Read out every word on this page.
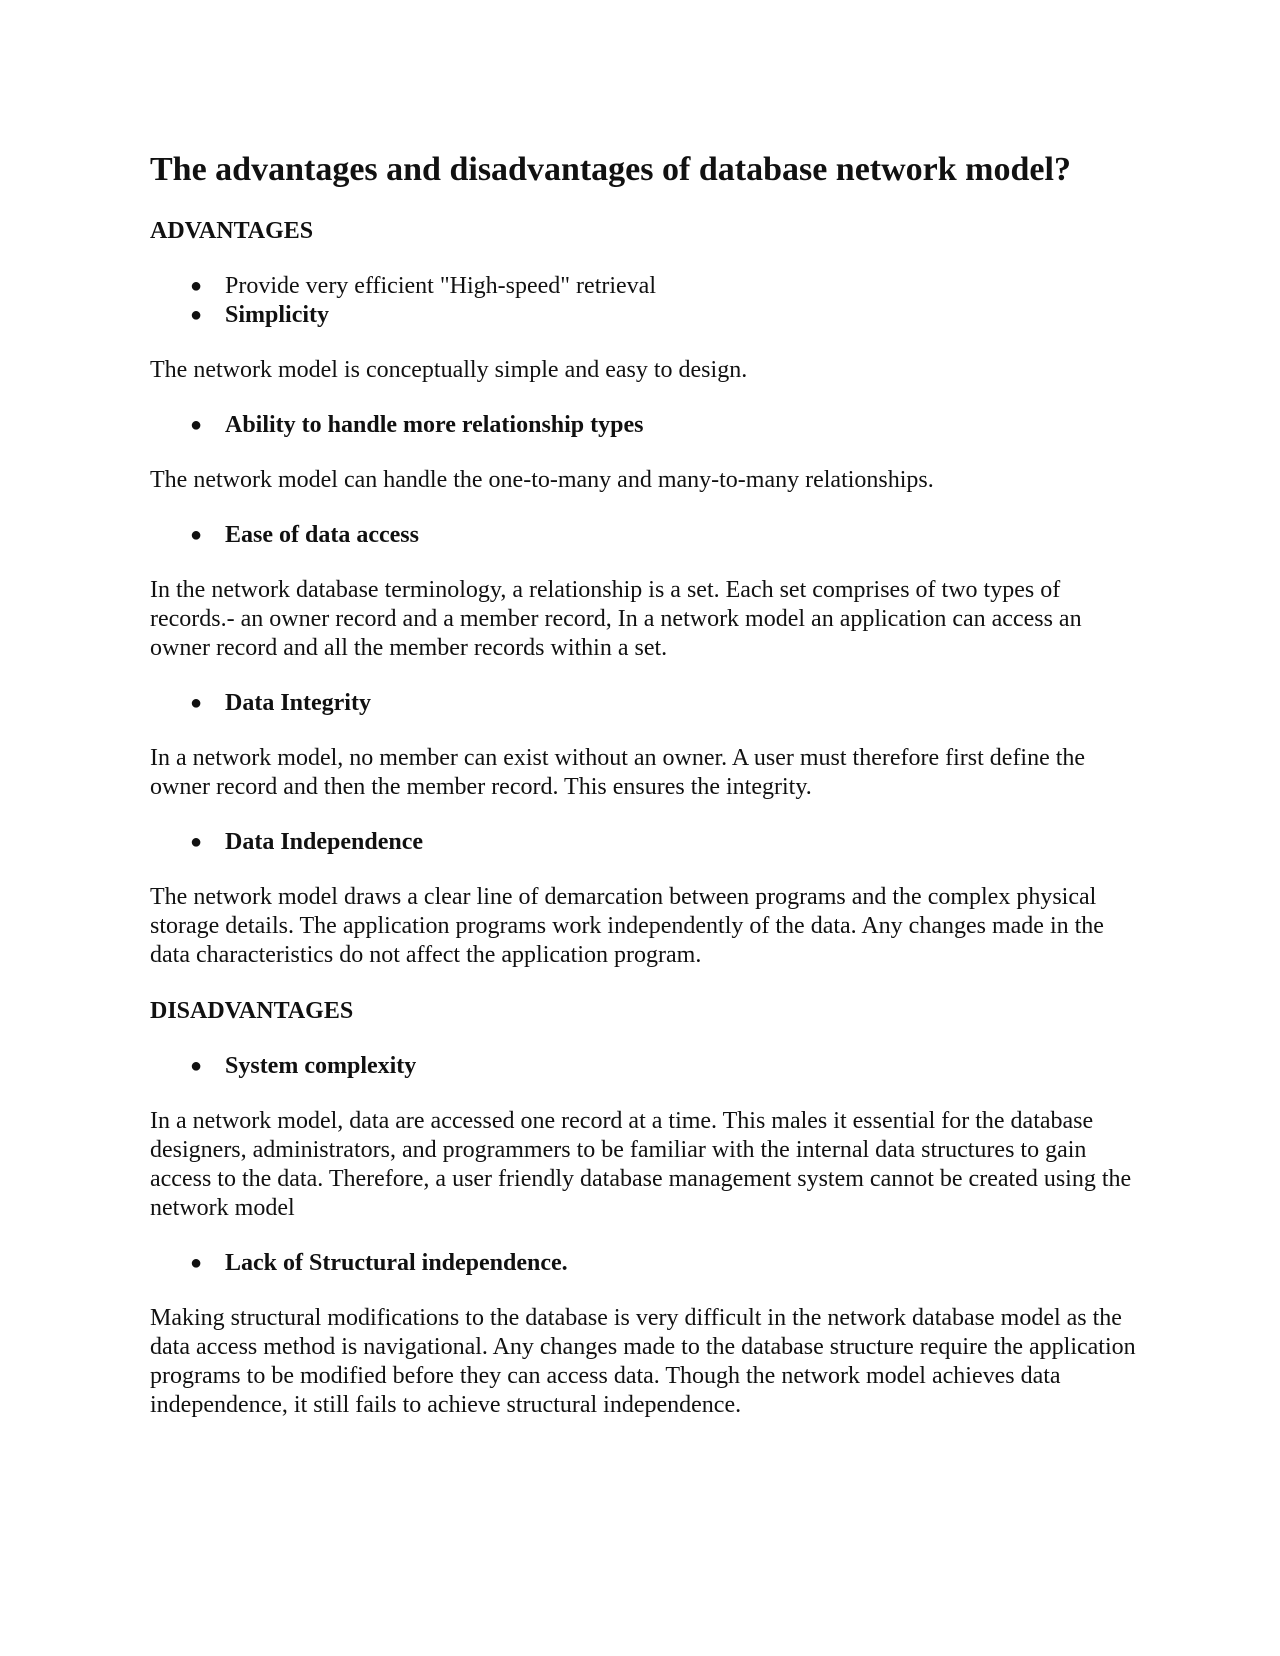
The advantages and disadvantages of database network model?
ADVANTAGES
● Provide very efficient "High-speed" retrieval
● Simplicity

The network model is conceptually simple and easy to design.

● Ability to handle more relationship types

The network model can handle the one-to-many and many-to-many relationships.

● Ease of data access

In the network database terminology, a relationship is a set. Each set comprises of two types of records.- an owner record and a member record, In a network model an application can access an owner record and all the member records within a set.

● Data Integrity

In a network model, no member can exist without an owner. A user must therefore first define the owner record and then the member record. This ensures the integrity.

● Data Independence

The network model draws a clear line of demarcation between programs and the complex physical storage details. The application programs work independently of the data. Any changes made in the data characteristics do not affect the application program.

DISADVANTAGES
● System complexity

In a network model, data are accessed one record at a time. This males it essential for the database designers, administrators, and programmers to be familiar with the internal data structures to gain access to the data. Therefore, a user friendly database management system cannot be created using the network model

● Lack of Structural independence.

Making structural modifications to the database is very difficult in the network database model as the data access method is navigational. Any changes made to the database structure require the application programs to be modified before they can access data. Though the network model achieves data independence, it still fails to achieve structural independence.
